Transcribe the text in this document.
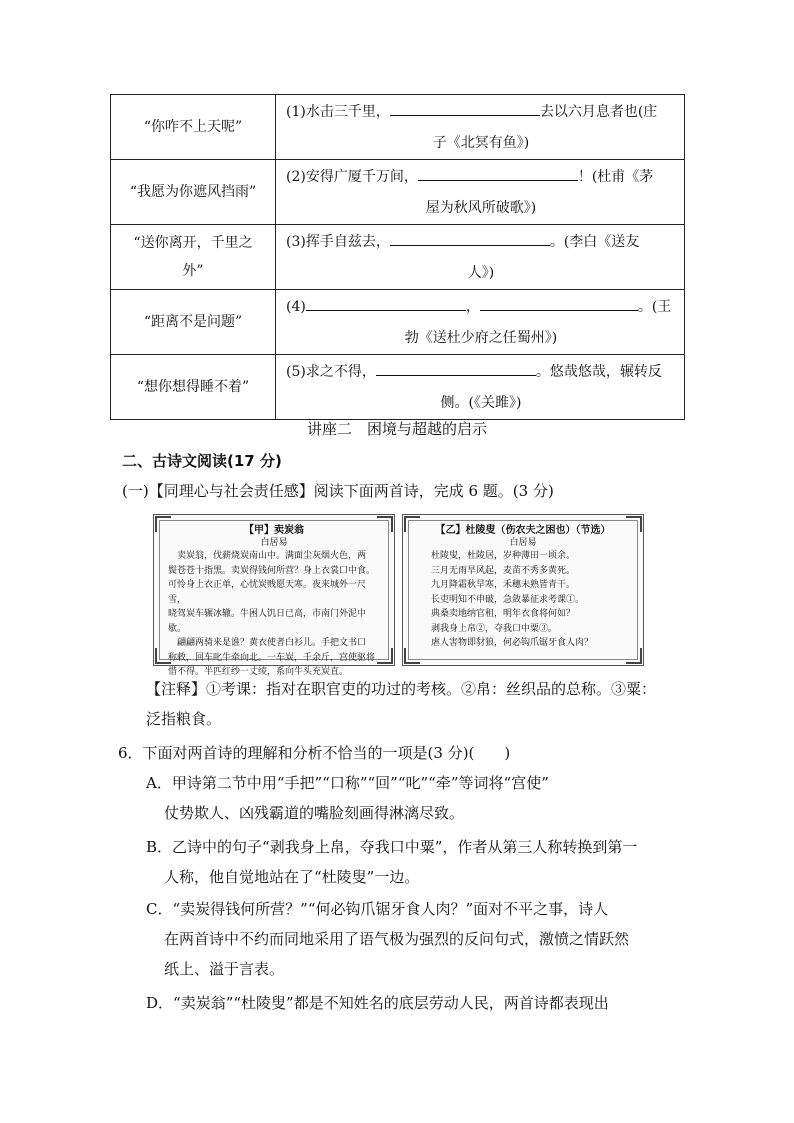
“你咋不上天呢”	(1)水击三千里， 去以六月息者也(庄
子《北冥有鱼》)

“我愿为你遮风挡雨”	(2)安得广厦千万间， ！(杜甫《茅
屋为秋风所破歌》)

“送你离开，千里之
外”	(3)挥手自兹去， 。(李白《送友
人》)

“距离不是问题”	(4) ， 。(王
勃《送杜少府之任蜀州》)

“想你想得睡不着”	(5)求之不得， 。悠哉悠哉，辗转反
侧。(《关雎》)
讲座二　困境与超越的启示
二、古诗文阅读(17 分)
(一)【同理心与社会责任感】阅读下面两首诗，完成 6 题。(3 分)
【甲】卖炭翁
白居易
　卖炭翁，伐薪烧炭南山中。满面尘灰烟火色，两
鬓苍苍十指黑。卖炭得钱何所营？身上衣裳口中食。
可怜身上衣正单，心忧炭贱愿天寒。夜来城外一尺雪，
晓驾炭车辗冰辙。牛困人饥日已高，市南门外泥中歇。
　翩翩两骑来是谁？黄衣使者白衫儿。手把文书口
称敕，回车叱牛牵向北。一车炭，千余斤，宫使驱将
惜不得。半匹红纱一丈绫，系向牛头充炭直。
【乙】杜陵叟（伤农夫之困也）（节选）
白居易
杜陵叟，杜陵居，岁种薄田一顷余。
三月无雨旱风起，麦苗不秀多黄死。
九月降霜秋早寒，禾穗未熟皆青干。
长吏明知不申破，急敛暴征求考课①。
典桑卖地纳官租，明年衣食将何如？
剥我身上帛②，夺我口中粟③。
虐人害物即豺狼，何必钩爪锯牙食人肉？
【注释】①考课：指对在职官吏的功过的考核。②帛：丝织品的总称。③粟：
泛指粮食。
6．下面对两首诗的理解和分析不恰当的一项是(3 分)(　　)
A．甲诗第二节中用“手把”“口称”“回”“叱”“牵”等词将“宫使”
仗势欺人、凶残霸道的嘴脸刻画得淋漓尽致。
B．乙诗中的句子“剥我身上帛，夺我口中粟”，作者从第三人称转换到第一
人称，他自觉地站在了“杜陵叟”一边。
C．“卖炭得钱何所营？”“何必钩爪锯牙食人肉？”面对不平之事，诗人
在两首诗中不约而同地采用了语气极为强烈的反问句式，激愤之情跃然
纸上、溢于言表。
D．“卖炭翁”“杜陵叟”都是不知姓名的底层劳动人民，两首诗都表现出
